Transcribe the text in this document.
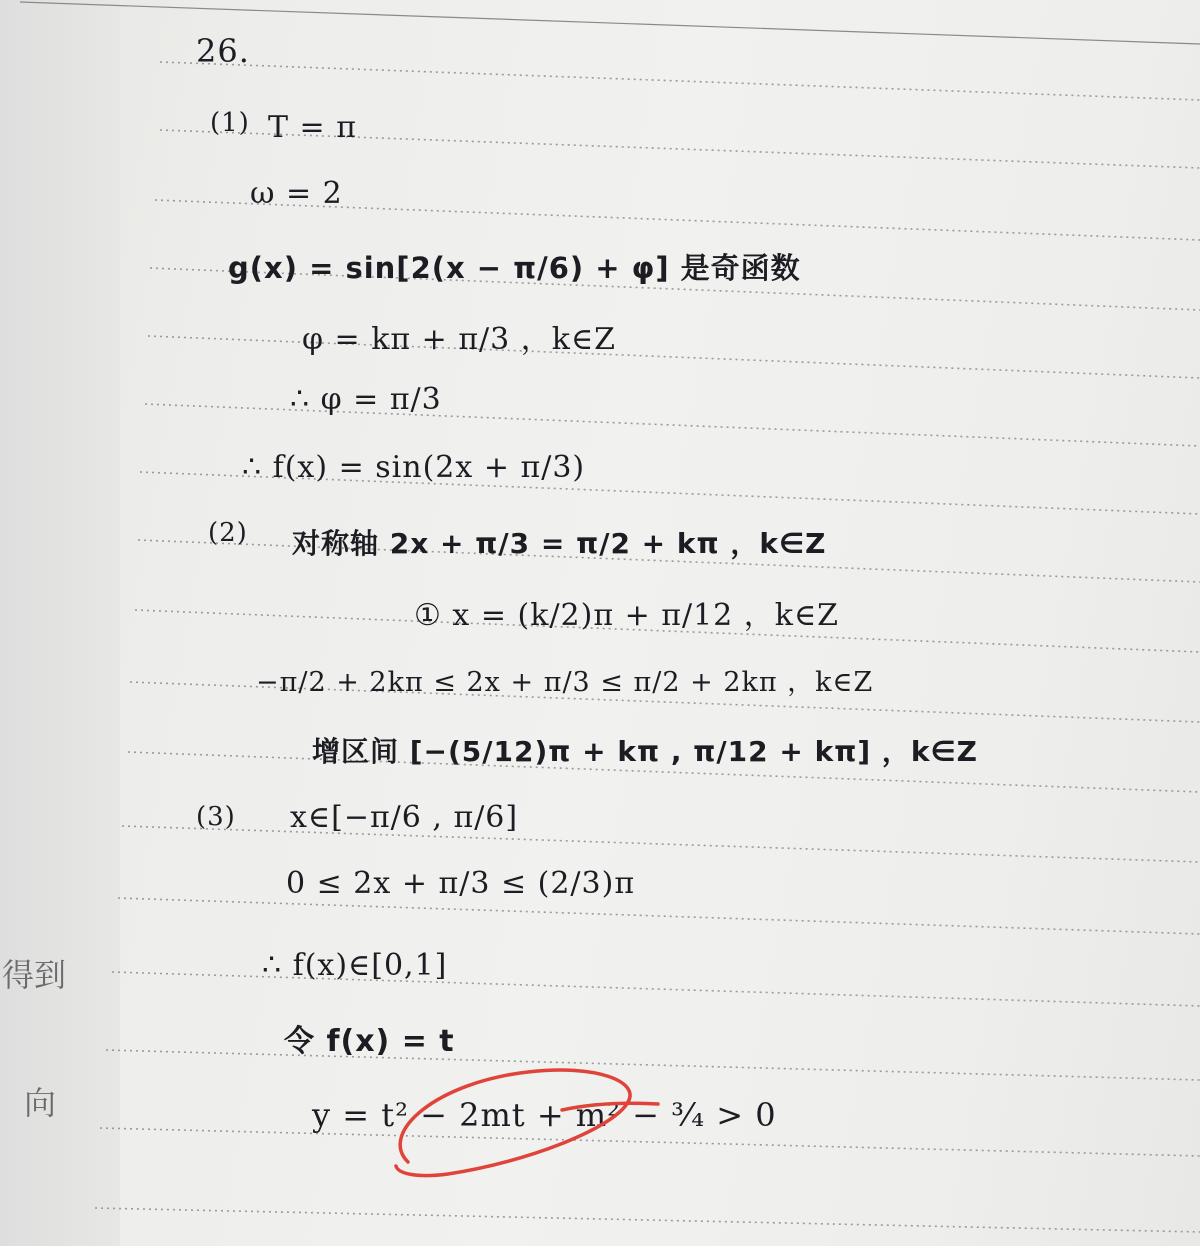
得到
向
26.
(1) T = π
ω = 2
g(x) = sin[2(x − π/6) + φ] 是奇函数
φ = kπ + π/3 ，k∈Z
∴ φ = π/3
∴ f(x) = sin(2x + π/3)
(2) 对称轴 2x + π/3 = π/2 + kπ ，k∈Z
① x = (k/2)π + π/12 ，k∈Z
−π/2 + 2kπ ≤ 2x + π/3 ≤ π/2 + 2kπ ，k∈Z
增区间 [−(5/12)π + kπ , π/12 + kπ] ，k∈Z
(3) x∈[−π/6 , π/6]
0 ≤ 2x + π/3 ≤ (2/3)π
∴ f(x)∈[0,1]
令 f(x) = t
y = t² − 2mt + m² − ³⁄₄ > 0
